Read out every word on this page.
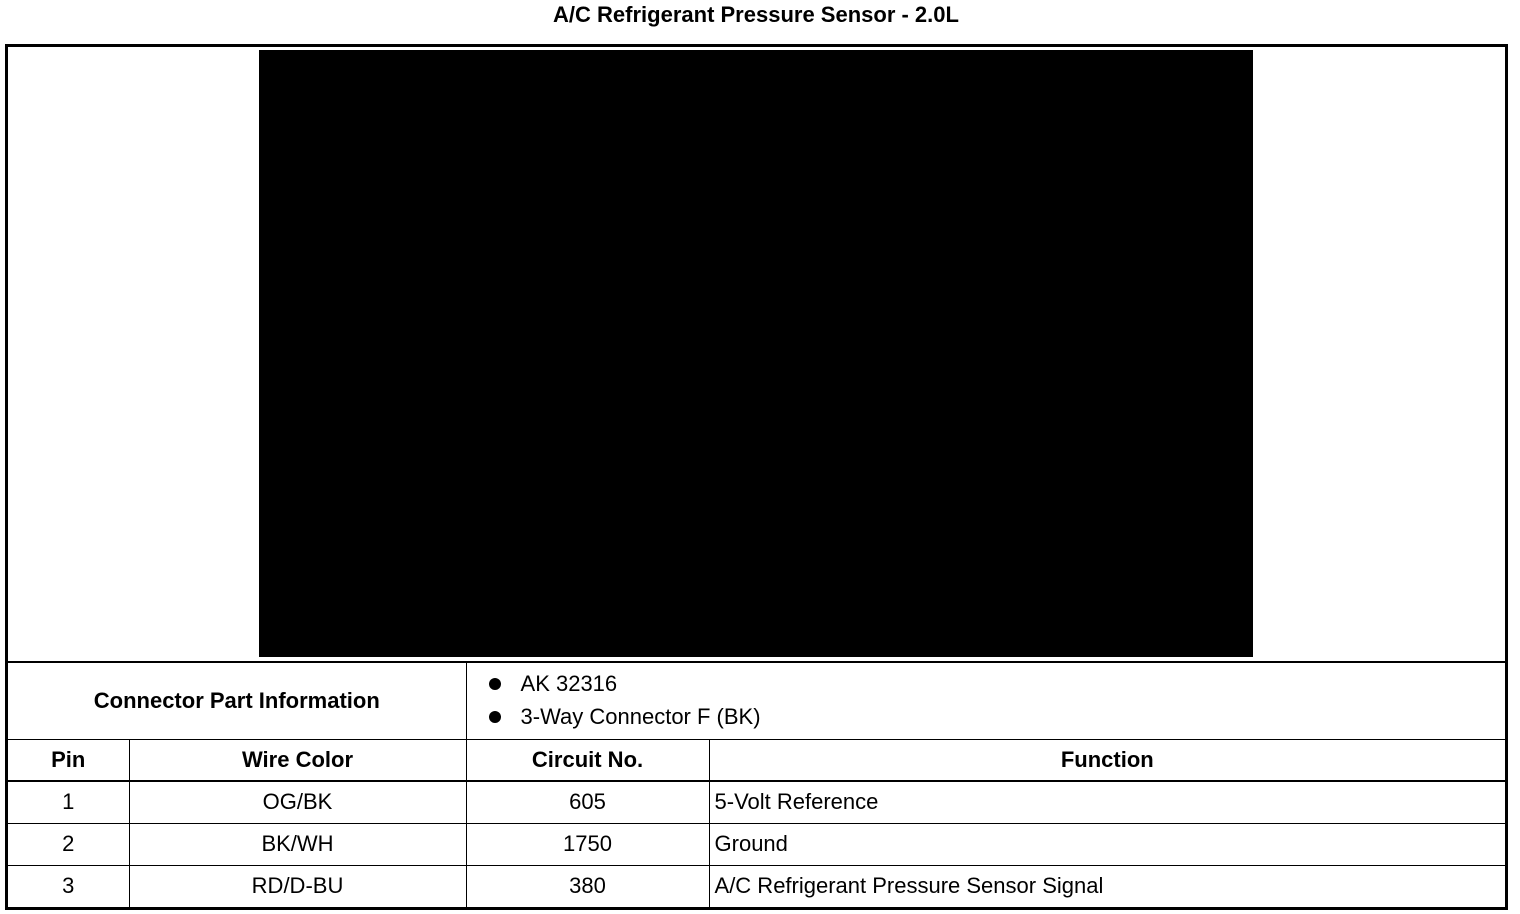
A/C Refrigerant Pressure Sensor - 2.0L
Connector Part Information		AK 32316
3-Way Connector F (BK)	

Pin	Wire Color	Circuit No.	Function
1	OG/BK	605	5-Volt Reference
2	BK/WH	1750	Ground
3	RD/D-BU	380	A/C Refrigerant Pressure Sensor Signal
